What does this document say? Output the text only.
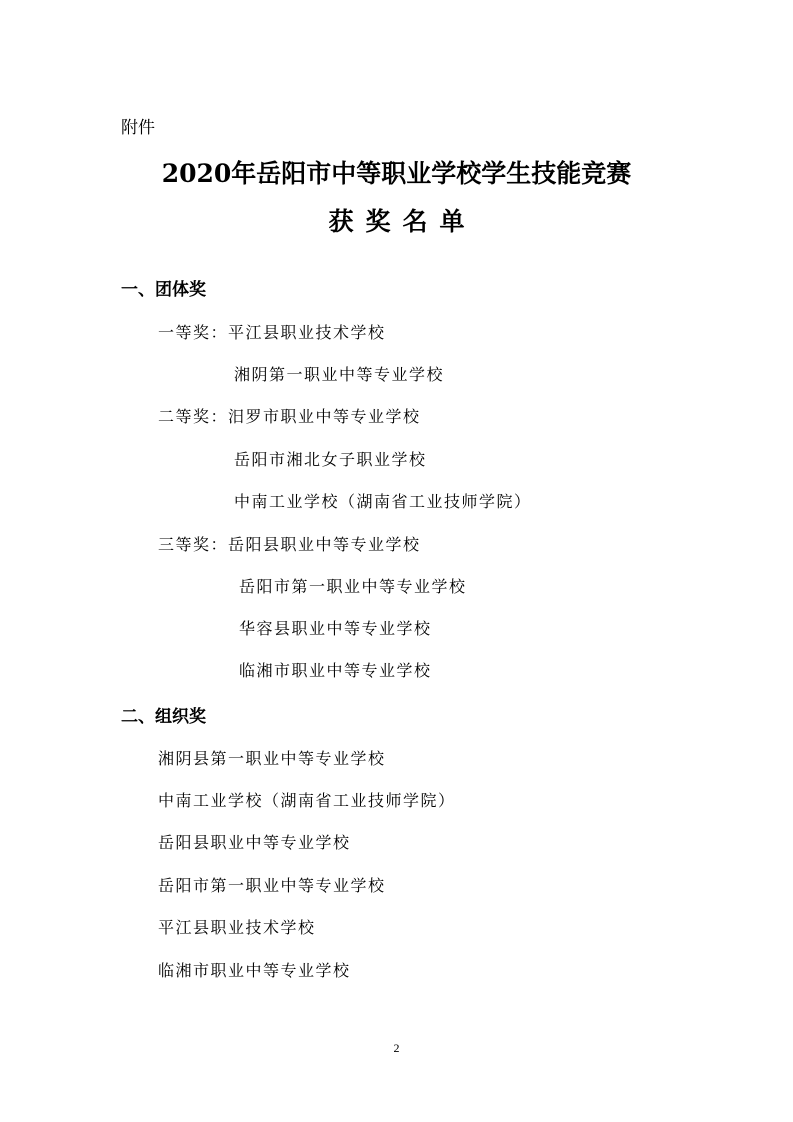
附件
2020年岳阳市中等职业学校学生技能竞赛
获奖名单
一、团体奖
一等奖：平江县职业技术学校
湘阴第一职业中等专业学校
二等奖：汨罗市职业中等专业学校
岳阳市湘北女子职业学校
中南工业学校（湖南省工业技师学院）
三等奖：岳阳县职业中等专业学校
岳阳市第一职业中等专业学校
华容县职业中等专业学校
临湘市职业中等专业学校
二、组织奖
湘阴县第一职业中等专业学校
中南工业学校（湖南省工业技师学院）
岳阳县职业中等专业学校
岳阳市第一职业中等专业学校
平江县职业技术学校
临湘市职业中等专业学校
2
